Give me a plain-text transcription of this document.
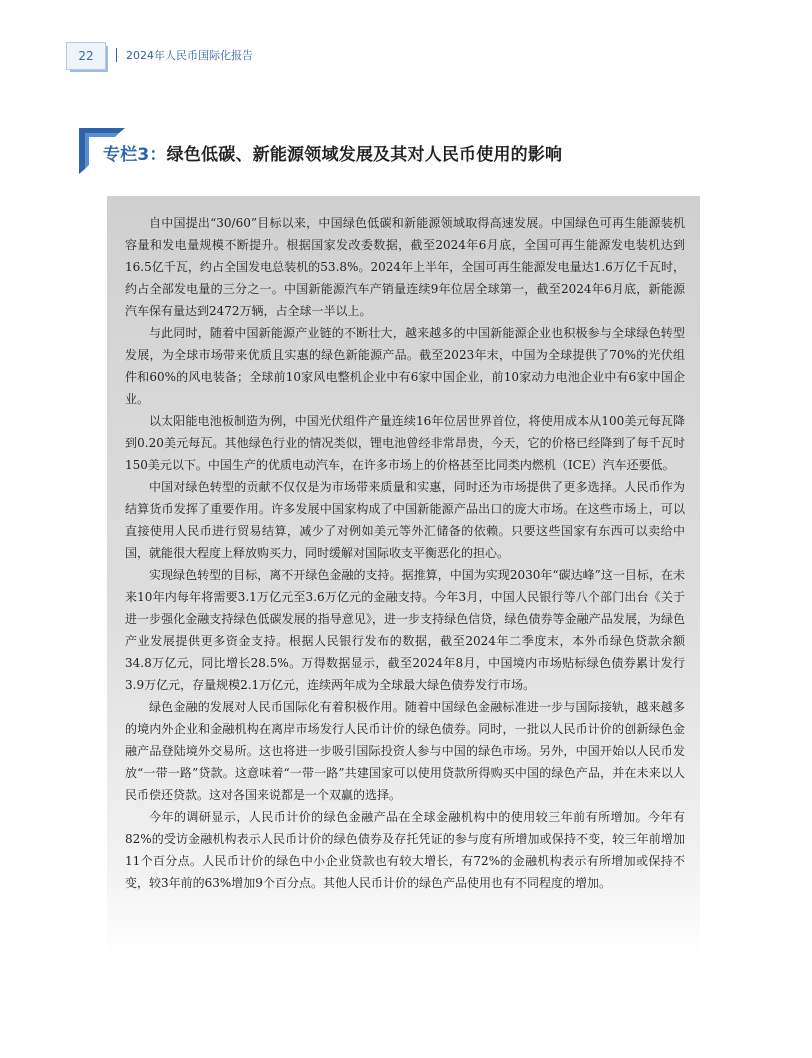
22	2024年人民币国际化报告
专栏3：绿色低碳、新能源领域发展及其对人民币使用的影响

自中国提出“30/60”目标以来，中国绿色低碳和新能源领域取得高速发展。中国绿色可再生能源装机容量和发电量规模不断提升。根据国家发改委数据，截至2024年6月底，全国可再生能源发电装机达到16.5亿千瓦，约占全国发电总装机的53.8%。2024年上半年，全国可再生能源发电量达1.6万亿千瓦时，约占全部发电量的三分之一。中国新能源汽车产销量连续9年位居全球第一，截至2024年6月底，新能源汽车保有量达到2472万辆，占全球一半以上。

与此同时，随着中国新能源产业链的不断壮大，越来越多的中国新能源企业也积极参与全球绿色转型发展，为全球市场带来优质且实惠的绿色新能源产品。截至2023年末，中国为全球提供了70%的光伏组件和60%的风电装备；全球前10家风电整机企业中有6家中国企业，前10家动力电池企业中有6家中国企业。

以太阳能电池板制造为例，中国光伏组件产量连续16年位居世界首位，将使用成本从100美元每瓦降到0.20美元每瓦。其他绿色行业的情况类似，锂电池曾经非常昂贵，今天，它的价格已经降到了每千瓦时150美元以下。中国生产的优质电动汽车，在许多市场上的价格甚至比同类内燃机（ICE）汽车还要低。

中国对绿色转型的贡献不仅仅是为市场带来质量和实惠，同时还为市场提供了更多选择。人民币作为结算货币发挥了重要作用。许多发展中国家构成了中国新能源产品出口的庞大市场。在这些市场上，可以直接使用人民币进行贸易结算，减少了对例如美元等外汇储备的依赖。只要这些国家有东西可以卖给中国，就能很大程度上释放购买力，同时缓解对国际收支平衡恶化的担心。

实现绿色转型的目标，离不开绿色金融的支持。据推算，中国为实现2030年“碳达峰”这一目标，在未来10年内每年将需要3.1万亿元至3.6万亿元的金融支持。今年3月，中国人民银行等八个部门出台《关于进一步强化金融支持绿色低碳发展的指导意见》，进一步支持绿色信贷，绿色债券等金融产品发展，为绿色产业发展提供更多资金支持。根据人民银行发布的数据，截至2024年二季度末，本外币绿色贷款余额34.8万亿元，同比增长28.5%。万得数据显示，截至2024年8月，中国境内市场贴标绿色债券累计发行3.9万亿元，存量规模2.1万亿元，连续两年成为全球最大绿色债券发行市场。

绿色金融的发展对人民币国际化有着积极作用。随着中国绿色金融标准进一步与国际接轨，越来越多的境内外企业和金融机构在离岸市场发行人民币计价的绿色债券。同时，一批以人民币计价的创新绿色金融产品登陆境外交易所。这也将进一步吸引国际投资人参与中国的绿色市场。另外，中国开始以人民币发放“一带一路”贷款。这意味着“一带一路”共建国家可以使用贷款所得购买中国的绿色产品，并在未来以人民币偿还贷款。这对各国来说都是一个双赢的选择。

今年的调研显示，人民币计价的绿色金融产品在全球金融机构中的使用较三年前有所增加。今年有82%的受访金融机构表示人民币计价的绿色债券及存托凭证的参与度有所增加或保持不变，较三年前增加11个百分点。人民币计价的绿色中小企业贷款也有较大增长，有72%的金融机构表示有所增加或保持不变，较3年前的63%增加9个百分点。其他人民币计价的绿色产品使用也有不同程度的增加。
